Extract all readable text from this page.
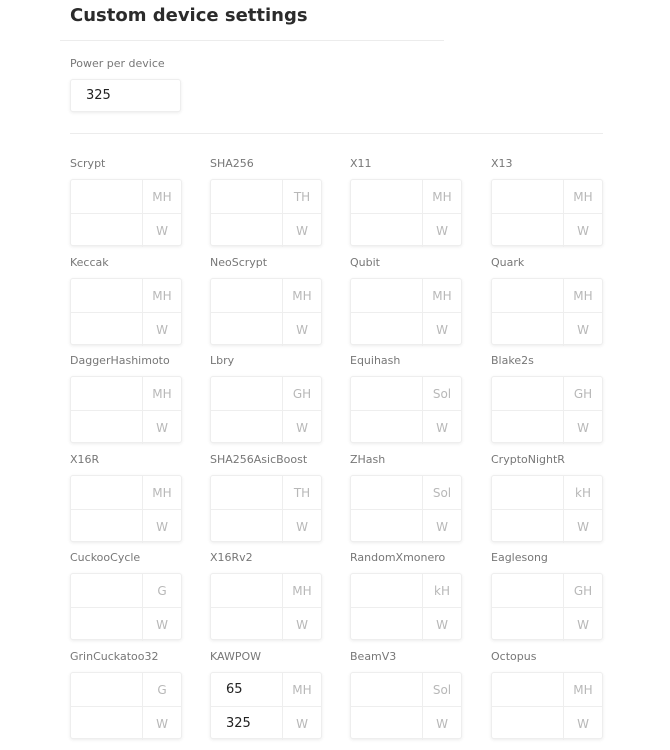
Custom device settings
Power per device
325
Scrypt
MH
W
SHA256
TH
W
X11
MH
W
X13
MH
W
Keccak
MH
W
NeoScrypt
MH
W
Qubit
MH
W
Quark
MH
W
DaggerHashimoto
MH
W
Lbry
GH
W
Equihash
Sol
W
Blake2s
GH
W
X16R
MH
W
SHA256AsicBoost
TH
W
ZHash
Sol
W
CryptoNightR
kH
W
CuckooCycle
G
W
X16Rv2
MH
W
RandomXmonero
kH
W
Eaglesong
GH
W
GrinCuckatoo32
G
W
KAWPOW
65	MH
325	W
BeamV3
Sol
W
Octopus
MH
W
